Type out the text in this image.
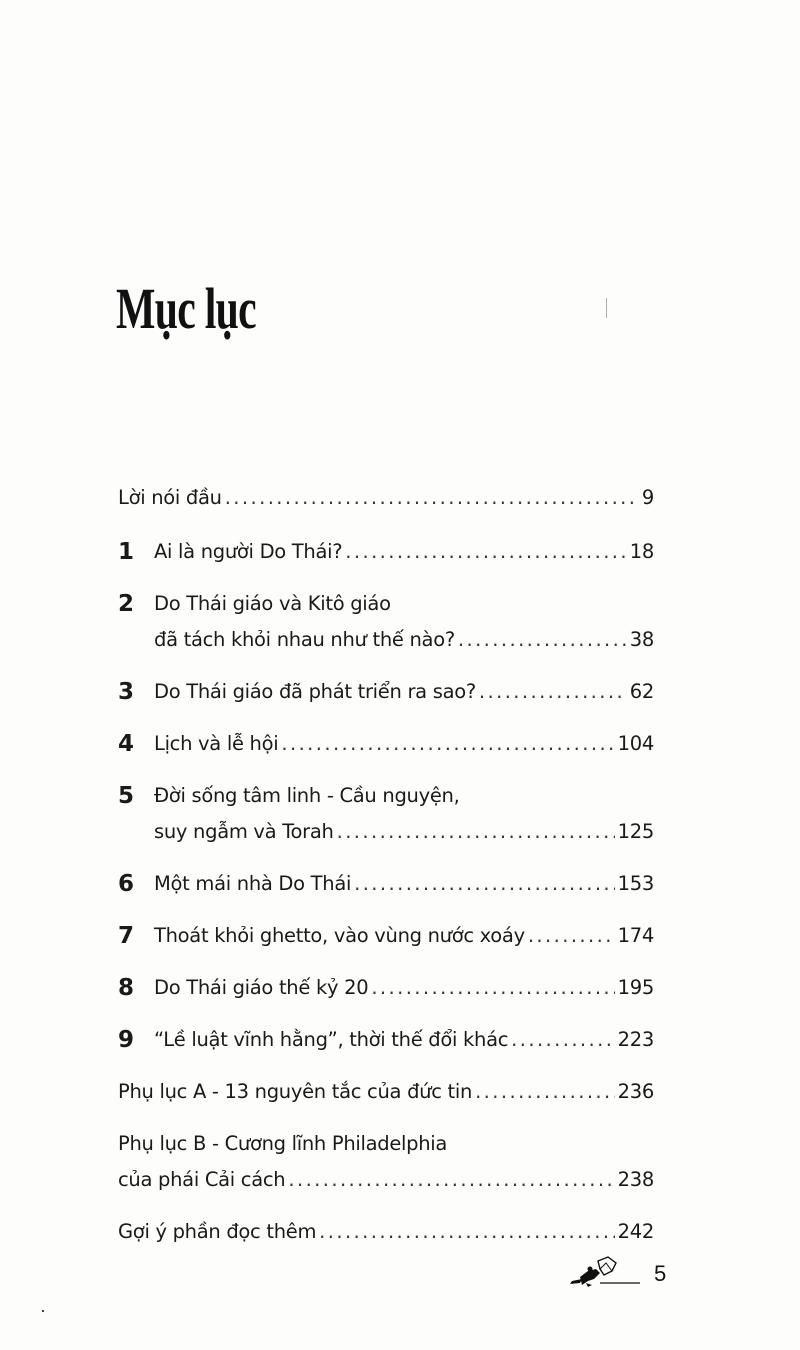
Mục lục
Lời nói đầu . . .	9
1	Ai là người Do Thái? . . .	18
2	Do Thái giáo và Kitô giáo
đã tách khỏi nhau như thế nào? . . .	38
3	Do Thái giáo đã phát triển ra sao? . . .	62
4	Lịch và lễ hội . . .	104
5	Đời sống tâm linh - Cầu nguyện,
suy ngẫm và Torah . . .	125
6	Một mái nhà Do Thái . . .	153
7	Thoát khỏi ghetto, vào vùng nước xoáy . . .	174
8	Do Thái giáo thế kỷ 20 . . .	195
9	“Lề luật vĩnh hằng”, thời thế đổi khác . . .	223
Phụ lục A - 13 nguyên tắc của đức tin . . .	236
Phụ lục B - Cương lĩnh Philadelphia
của phái Cải cách . . .	238
Gợi ý phần đọc thêm . . .	242
5
